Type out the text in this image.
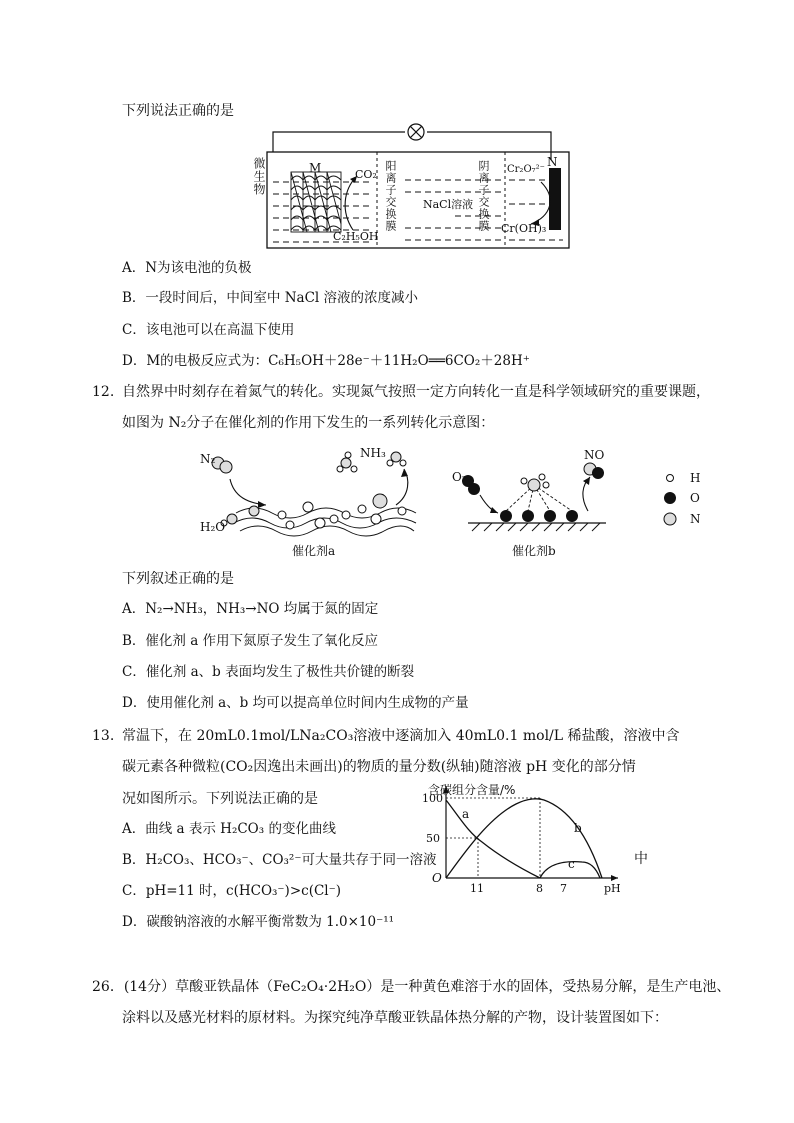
下列说法正确的是
M	N
CO₂
C₂H₅OH
NaCl溶液
Cr₂O₇²⁻
Cr(OH)₃
微生物	阳离子交换膜	阴离子交换膜
A．N为该电池的负极
B．一段时间后，中间室中 NaCl 溶液的浓度减小
C．该电池可以在高温下使用
D．M的电极反应式为：C₆H₅OH＋28e⁻＋11H₂O══6CO₂＋28H⁺
12. 自然界中时刻存在着氮气的转化。实现氮气按照一定方向转化一直是科学领域研究的重要课题，
如图为 N₂分子在催化剂的作用下发生的一系列转化示意图：
N₂	NH₃
H₂O
O₂
NO
催化剂a	催化剂b
H
O
N
下列叙述正确的是
A．N₂→NH₃，NH₃→NO 均属于氮的固定
B．催化剂 a 作用下氮原子发生了氧化反应
C．催化剂 a、b 表面均发生了极性共价键的断裂
D．使用催化剂 a、b 均可以提高单位时间内生成物的产量
13. 常温下，在 20mL0.1mol/LNa₂CO₃溶液中逐滴加入 40mL0.1 mol/L 稀盐酸，溶液中含
碳元素各种微粒(CO₂因逸出未画出)的物质的量分数(纵轴)随溶液 pH 变化的部分情
况如图所示。下列说法正确的是
A．曲线 a 表示 H₂CO₃ 的变化曲线
B．H₂CO₃、HCO₃⁻、CO₃²⁻可大量共存于同一溶液
C．pH=11 时，c(HCO₃⁻)>c(Cl⁻)
D．碳酸钠溶液的水解平衡常数为 1.0×10⁻¹¹
中
含碳组分含量/%
100
50
O
11	8 7	pH
a
b
c
26．(14分）草酸亚铁晶体（FeC₂O₄·2H₂O）是一种黄色难溶于水的固体，受热易分解，是生产电池、
涂料以及感光材料的原材料。为探究纯净草酸亚铁晶体热分解的产物，设计装置图如下：
